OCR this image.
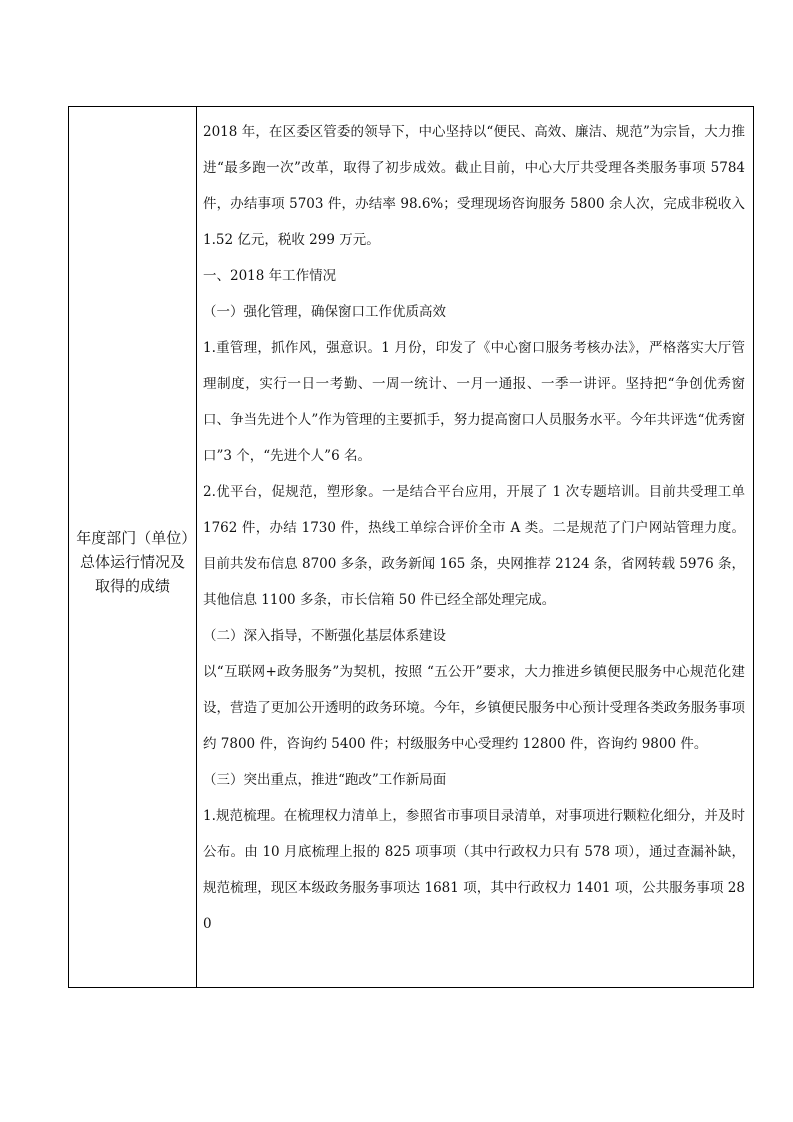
年度部门（单位）总体运行情况及取得的成绩

2018 年，在区委区管委的领导下，中心坚持以“便民、高效、廉洁、规范”为宗旨，大力推进“最多跑一次”改革，取得了初步成效。截止目前，中心大厅共受理各类服务事项 5784 件，办结事项 5703 件，办结率 98.6%；受理现场咨询服务 5800 余人次，完成非税收入 1.52 亿元，税收 299 万元。

一、2018 年工作情况

（一）强化管理，确保窗口工作优质高效

1.重管理，抓作风，强意识。1 月份，印发了《中心窗口服务考核办法》，严格落实大厅管理制度，实行一日一考勤、一周一统计、一月一通报、一季一讲评。坚持把“争创优秀窗口、争当先进个人”作为管理的主要抓手，努力提高窗口人员服务水平。今年共评选“优秀窗口”3 个，“先进个人”6 名。

2.优平台，促规范，塑形象。一是结合平台应用，开展了 1 次专题培训。目前共受理工单 1762 件，办结 1730 件，热线工单综合评价全市 A 类。二是规范了门户网站管理力度。目前共发布信息 8700 多条，政务新闻 165 条，央网推荐 2124 条，省网转载 5976 条，其他信息 1100 多条，市长信箱 50 件已经全部处理完成。

（二）深入指导，不断强化基层体系建设

以“互联网+政务服务”为契机，按照 “五公开”要求，大力推进乡镇便民服务中心规范化建设，营造了更加公开透明的政务环境。今年，乡镇便民服务中心预计受理各类政务服务事项约 7800 件，咨询约 5400 件；村级服务中心受理约 12800 件，咨询约 9800 件。

（三）突出重点，推进“跑改”工作新局面

1.规范梳理。在梳理权力清单上，参照省市事项目录清单，对事项进行颗粒化细分，并及时公布。由 10 月底梳理上报的 825 项事项（其中行政权力只有 578 项），通过查漏补缺，规范梳理，现区本级政务服务事项达 1681 项，其中行政权力 1401 项，公共服务事项 280
